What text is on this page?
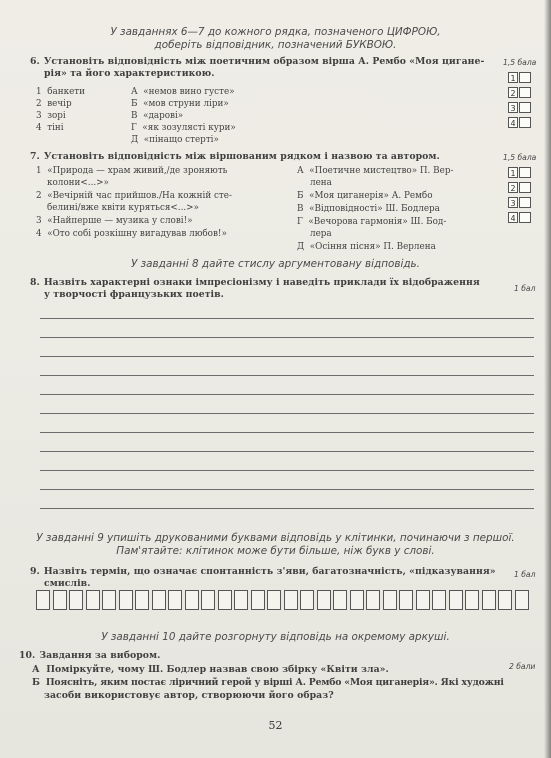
У завданнях 6—7 до кожного рядка, позначеного ЦИФРОЮ,
доберіть відповідник, позначений БУКВОЮ.
6. Установіть відповідність між поетичним образом вірша А. Рембо «Моя цигане-
рія» та його характеристикою.
1,5 бала
1 банкети
2 вечір
3 зорі
4 тіні
А «немов вино густе»
Б «мов струни ліри»
В «дарові»
Г «як зозулясті кури»
Д «пiнащо стерті»
1
2
3
4
7. Установіть відповідність між віршованим рядком і назвою та автором.	1,5 бала
1 «Природа — храм живий,/де зроняють
колони<...>»
2 «Вечірній час прийшов./На кожній сте-
белині/вже квіти куряться<...>»
3 «Найперше — музика у слові!»
4 «Ото собі розкішну вигадував любов!»
А «Поетичне мистецтво» П. Вер-
лена
Б «Моя циганерія» А. Рембо
В «Відповідності» Ш. Бодлера
Г «Вечорова гармонія» Ш. Бод-
лера
Д «Осіння пісня» П. Верлена
1
2
3
4
У завданні 8 дайте стислу аргументовану відповідь.
8. Назвіть характерні ознаки імпресіонізму і наведіть приклади їх відображення
у творчості французьких поетів.
1 бал
У завданні 9 упишіть друкованими буквами відповідь у клітинки, починаючи з першої.
Пам'ятайте: клітинок може бути більше, ніж букв у слові.
9. Назвіть термін, що означає спонтанність з'яви, багатозначність, «підказування»
смислів.
1 бал
У завданні 10 дайте розгорнуту відповідь на окремому аркуші.
10. Завдання за вибором.
2 бали
А Поміркуйте, чому Ш. Бодлер назвав свою збірку «Квіти зла».
Б Поясніть, яким постає ліричний герой у вірші А. Рембо «Моя циганерія». Які художні
засоби використовує автор, створюючи його образ?
52
